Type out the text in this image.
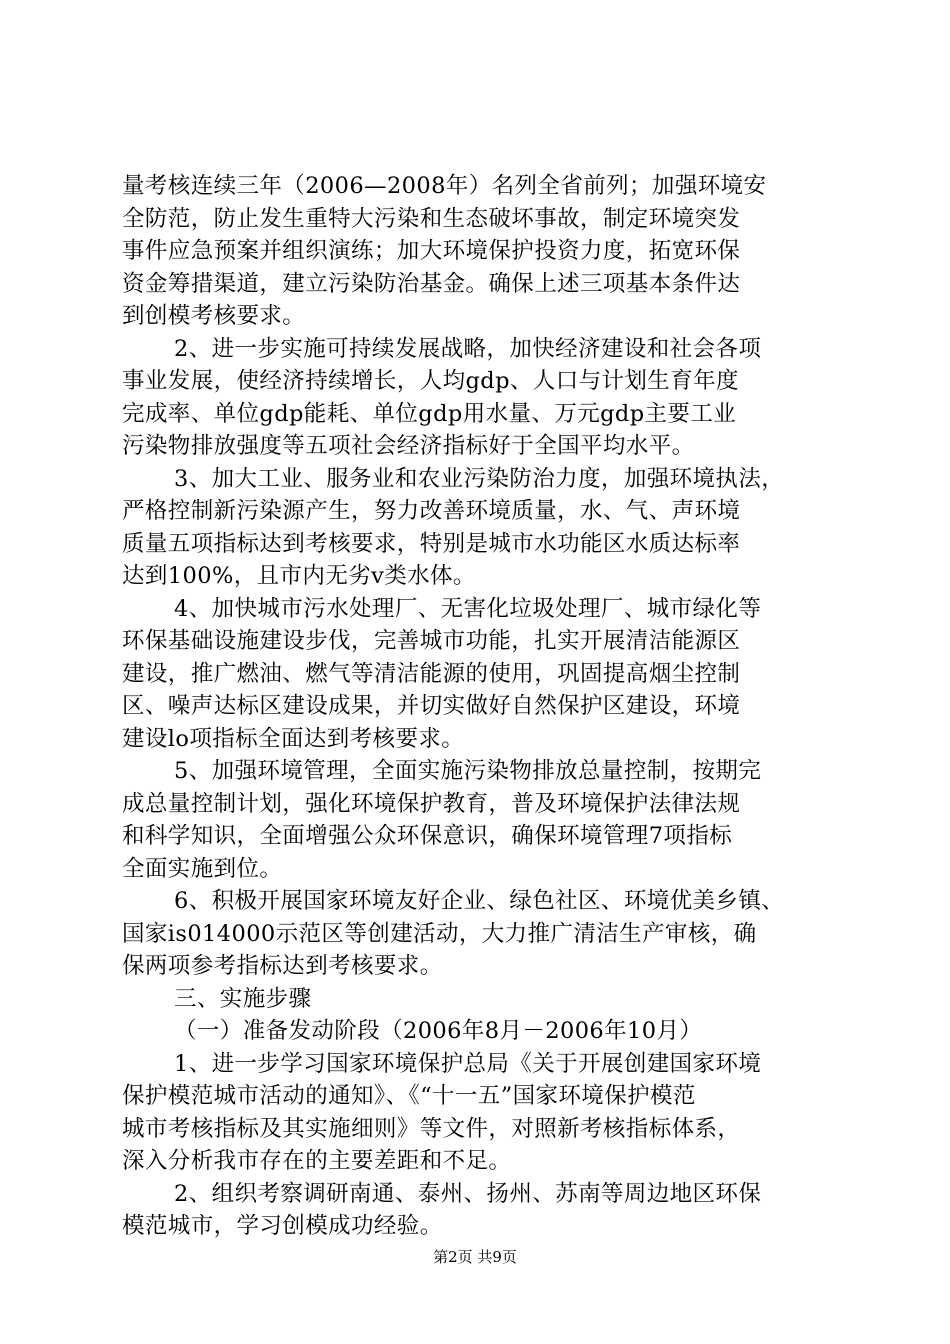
量考核连续三年（2006—2008年）名列全省前列；加强环境安
全防范，防止发生重特大污染和生态破坏事故，制定环境突发
事件应急预案并组织演练；加大环境保护投资力度，拓宽环保
资金筹措渠道，建立污染防治基金。确保上述三项基本条件达
到创模考核要求。
2、进一步实施可持续发展战略，加快经济建设和社会各项
事业发展，使经济持续增长，人均gdp、人口与计划生育年度
完成率、单位gdp能耗、单位gdp用水量、万元gdp主要工业
污染物排放强度等五项社会经济指标好于全国平均水平。
3、加大工业、服务业和农业污染防治力度，加强环境执法，
严格控制新污染源产生，努力改善环境质量，水、气、声环境
质量五项指标达到考核要求，特别是城市水功能区水质达标率
达到100%，且市内无劣v类水体。
4、加快城市污水处理厂、无害化垃圾处理厂、城市绿化等
环保基础设施建设步伐，完善城市功能，扎实开展清洁能源区
建设，推广燃油、燃气等清洁能源的使用，巩固提高烟尘控制
区、噪声达标区建设成果，并切实做好自然保护区建设，环境
建设lo项指标全面达到考核要求。
5、加强环境管理，全面实施污染物排放总量控制，按期完
成总量控制计划，强化环境保护教育，普及环境保护法律法规
和科学知识，全面增强公众环保意识，确保环境管理7项指标
全面实施到位。
6、积极开展国家环境友好企业、绿色社区、环境优美乡镇、
国家is014000示范区等创建活动，大力推广清洁生产审核，确
保两项参考指标达到考核要求。
三、实施步骤
（一）准备发动阶段（2006年8月－2006年10月）
1、进一步学习国家环境保护总局《关于开展创建国家环境
保护模范城市活动的通知》、《“十一五”国家环境保护模范
城市考核指标及其实施细则》等文件，对照新考核指标体系，
深入分析我市存在的主要差距和不足。
2、组织考察调研南通、泰州、扬州、苏南等周边地区环保
模范城市，学习创模成功经验。
第2页 共9页
